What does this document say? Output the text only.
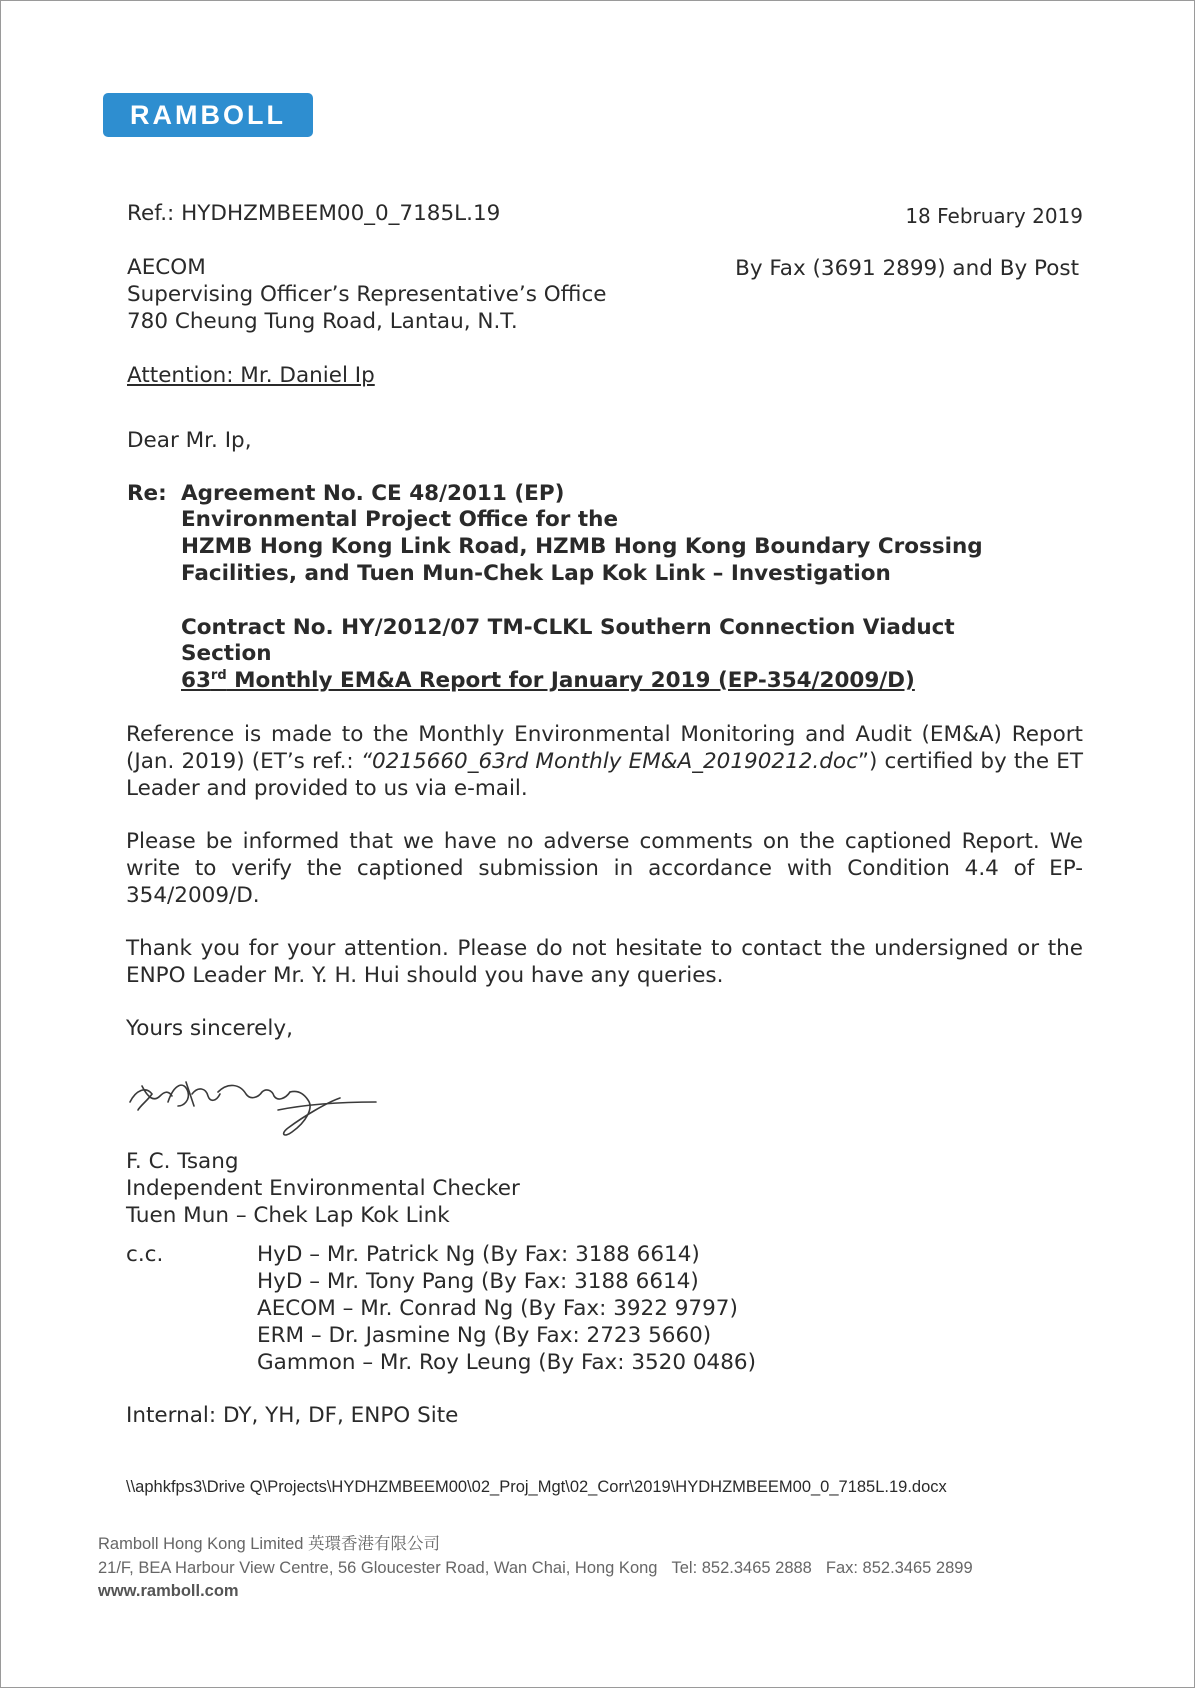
RAMBOLL
Ref.: HYDHZMBEEM00_0_7185L.19	18 February 2019
AECOM
Supervising Officer’s Representative’s Office
780 Cheung Tung Road, Lantau, N.T.
By Fax (3691 2899) and By Post
Attention: Mr. Daniel Ip
Dear Mr. Ip,
Re: Agreement No. CE 48/2011 (EP)
Environmental Project Office for the
HZMB Hong Kong Link Road, HZMB Hong Kong Boundary Crossing
Facilities, and Tuen Mun-Chek Lap Kok Link – Investigation
Contract No. HY/2012/07 TM-CLKL Southern Connection Viaduct
Section
63rd Monthly EM&A Report for January 2019 (EP-354/2009/D)
Reference is made to the Monthly Environmental Monitoring and Audit (EM&A) Report (Jan. 2019) (ET’s ref.: “0215660_63rd Monthly EM&A_20190212.doc”) certified by the ET Leader and provided to us via e-mail.
Please be informed that we have no adverse comments on the captioned Report. We write to verify the captioned submission in accordance with Condition 4.4 of EP-354/2009/D.
Thank you for your attention. Please do not hesitate to contact the undersigned or the ENPO Leader Mr. Y. H. Hui should you have any queries.
Yours sincerely,
F. C. Tsang
Independent Environmental Checker
Tuen Mun – Chek Lap Kok Link
c.c.	HyD – Mr. Patrick Ng (By Fax: 3188 6614)
HyD – Mr. Tony Pang (By Fax: 3188 6614)
AECOM – Mr. Conrad Ng (By Fax: 3922 9797)
ERM – Dr. Jasmine Ng (By Fax: 2723 5660)
Gammon – Mr. Roy Leung (By Fax: 3520 0486)
Internal: DY, YH, DF, ENPO Site
\\aphkfps3\Drive Q\Projects\HYDHZMBEEM00\02_Proj_Mgt\02_Corr\2019\HYDHZMBEEM00_0_7185L.19.docx
Ramboll Hong Kong Limited 英環香港有限公司
21/F, BEA Harbour View Centre, 56 Gloucester Road, Wan Chai, Hong Kong Tel: 852.3465 2888 Fax: 852.3465 2899
www.ramboll.com
